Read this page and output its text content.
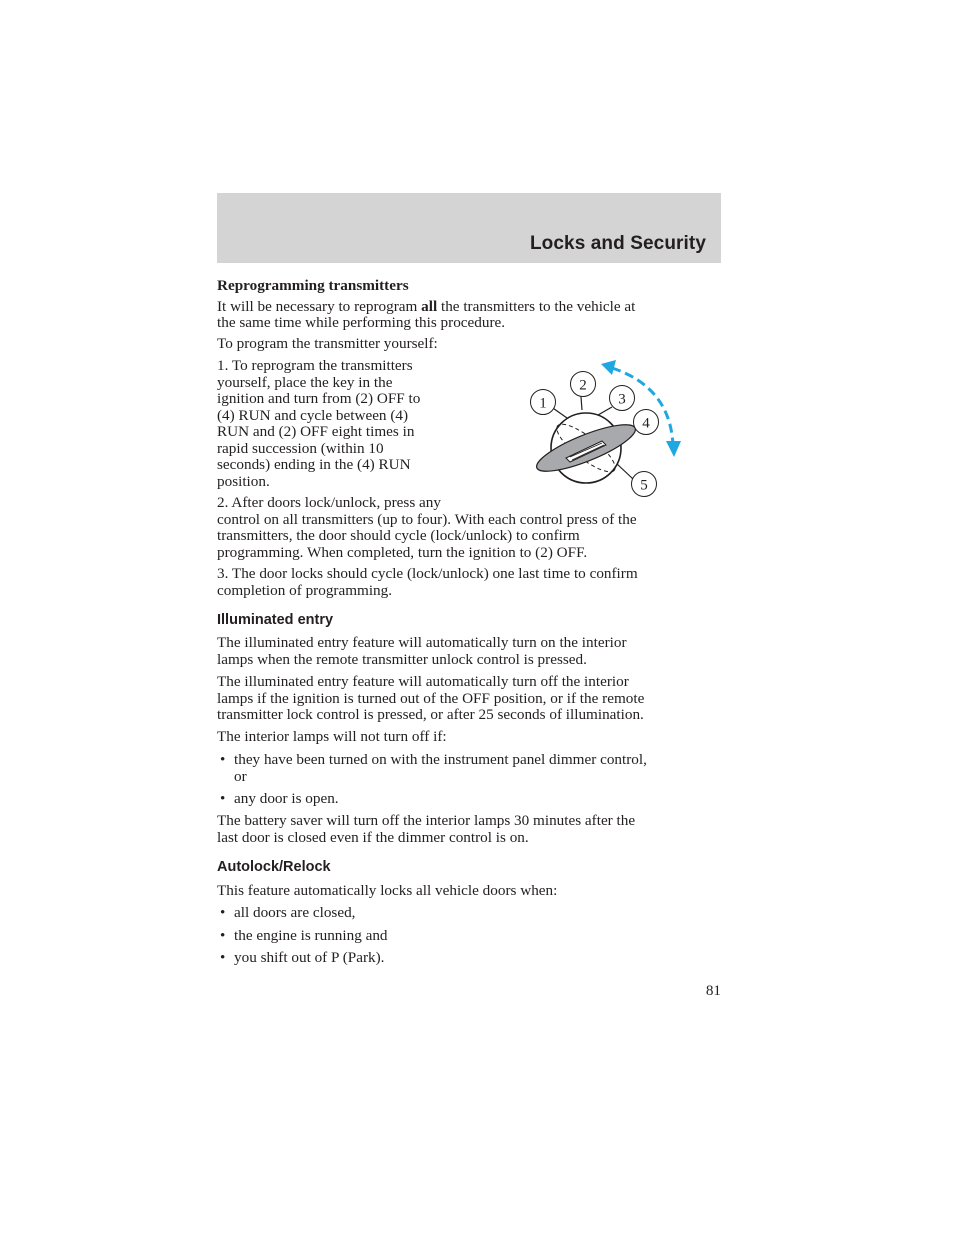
Locks and Security
Reprogramming transmitters
It will be necessary to reprogram all the transmitters to the vehicle at
the same time while performing this procedure.
To program the transmitter yourself:
1. To reprogram the transmitters
yourself, place the key in the
ignition and turn from (2) OFF to
(4) RUN and cycle between (4)
RUN and (2) OFF eight times in
rapid succession (within 10
seconds) ending in the (4) RUN
position.
1
2
3
4
5
2. After doors lock/unlock, press any
control on all transmitters (up to four). With each control press of the
transmitters, the door should cycle (lock/unlock) to confirm
programming. When completed, turn the ignition to (2) OFF.
3. The door locks should cycle (lock/unlock) one last time to confirm
completion of programming.
Illuminated entry
The illuminated entry feature will automatically turn on the interior
lamps when the remote transmitter unlock control is pressed.
The illuminated entry feature will automatically turn off the interior
lamps if the ignition is turned out of the OFF position, or if the remote
transmitter lock control is pressed, or after 25 seconds of illumination.
The interior lamps will not turn off if:
• they have been turned on with the instrument panel dimmer control,
or
• any door is open.
The battery saver will turn off the interior lamps 30 minutes after the
last door is closed even if the dimmer control is on.
Autolock/Relock
This feature automatically locks all vehicle doors when:
• all doors are closed,
• the engine is running and
• you shift out of P (Park).
81
